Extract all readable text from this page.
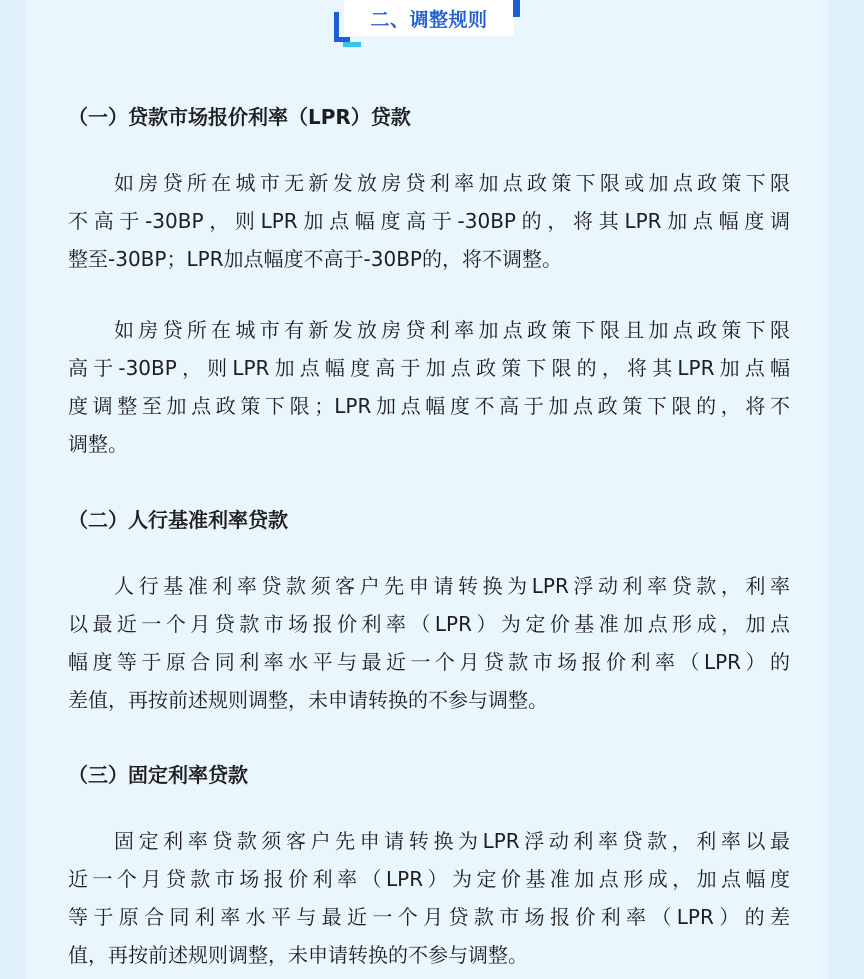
二、调整规则
（一）贷款市场报价利率（LPR）贷款
如房贷所在城市无新发放房贷利率加点政策下限或加点政策下限
不高于-30BP，则LPR加点幅度高于-30BP的，将其LPR加点幅度调
整至-30BP；LPR加点幅度不高于-30BP的，将不调整。
如房贷所在城市有新发放房贷利率加点政策下限且加点政策下限
高于-30BP，则LPR加点幅度高于加点政策下限的，将其LPR加点幅
度调整至加点政策下限；LPR加点幅度不高于加点政策下限的，将不
调整。
（二）人行基准利率贷款
人行基准利率贷款须客户先申请转换为LPR浮动利率贷款，利率
以最近一个月贷款市场报价利率（LPR）为定价基准加点形成，加点
幅度等于原合同利率水平与最近一个月贷款市场报价利率（LPR）的
差值，再按前述规则调整，未申请转换的不参与调整。
（三）固定利率贷款
固定利率贷款须客户先申请转换为LPR浮动利率贷款，利率以最
近一个月贷款市场报价利率（LPR）为定价基准加点形成，加点幅度
等于原合同利率水平与最近一个月贷款市场报价利率（LPR）的差
值，再按前述规则调整，未申请转换的不参与调整。
